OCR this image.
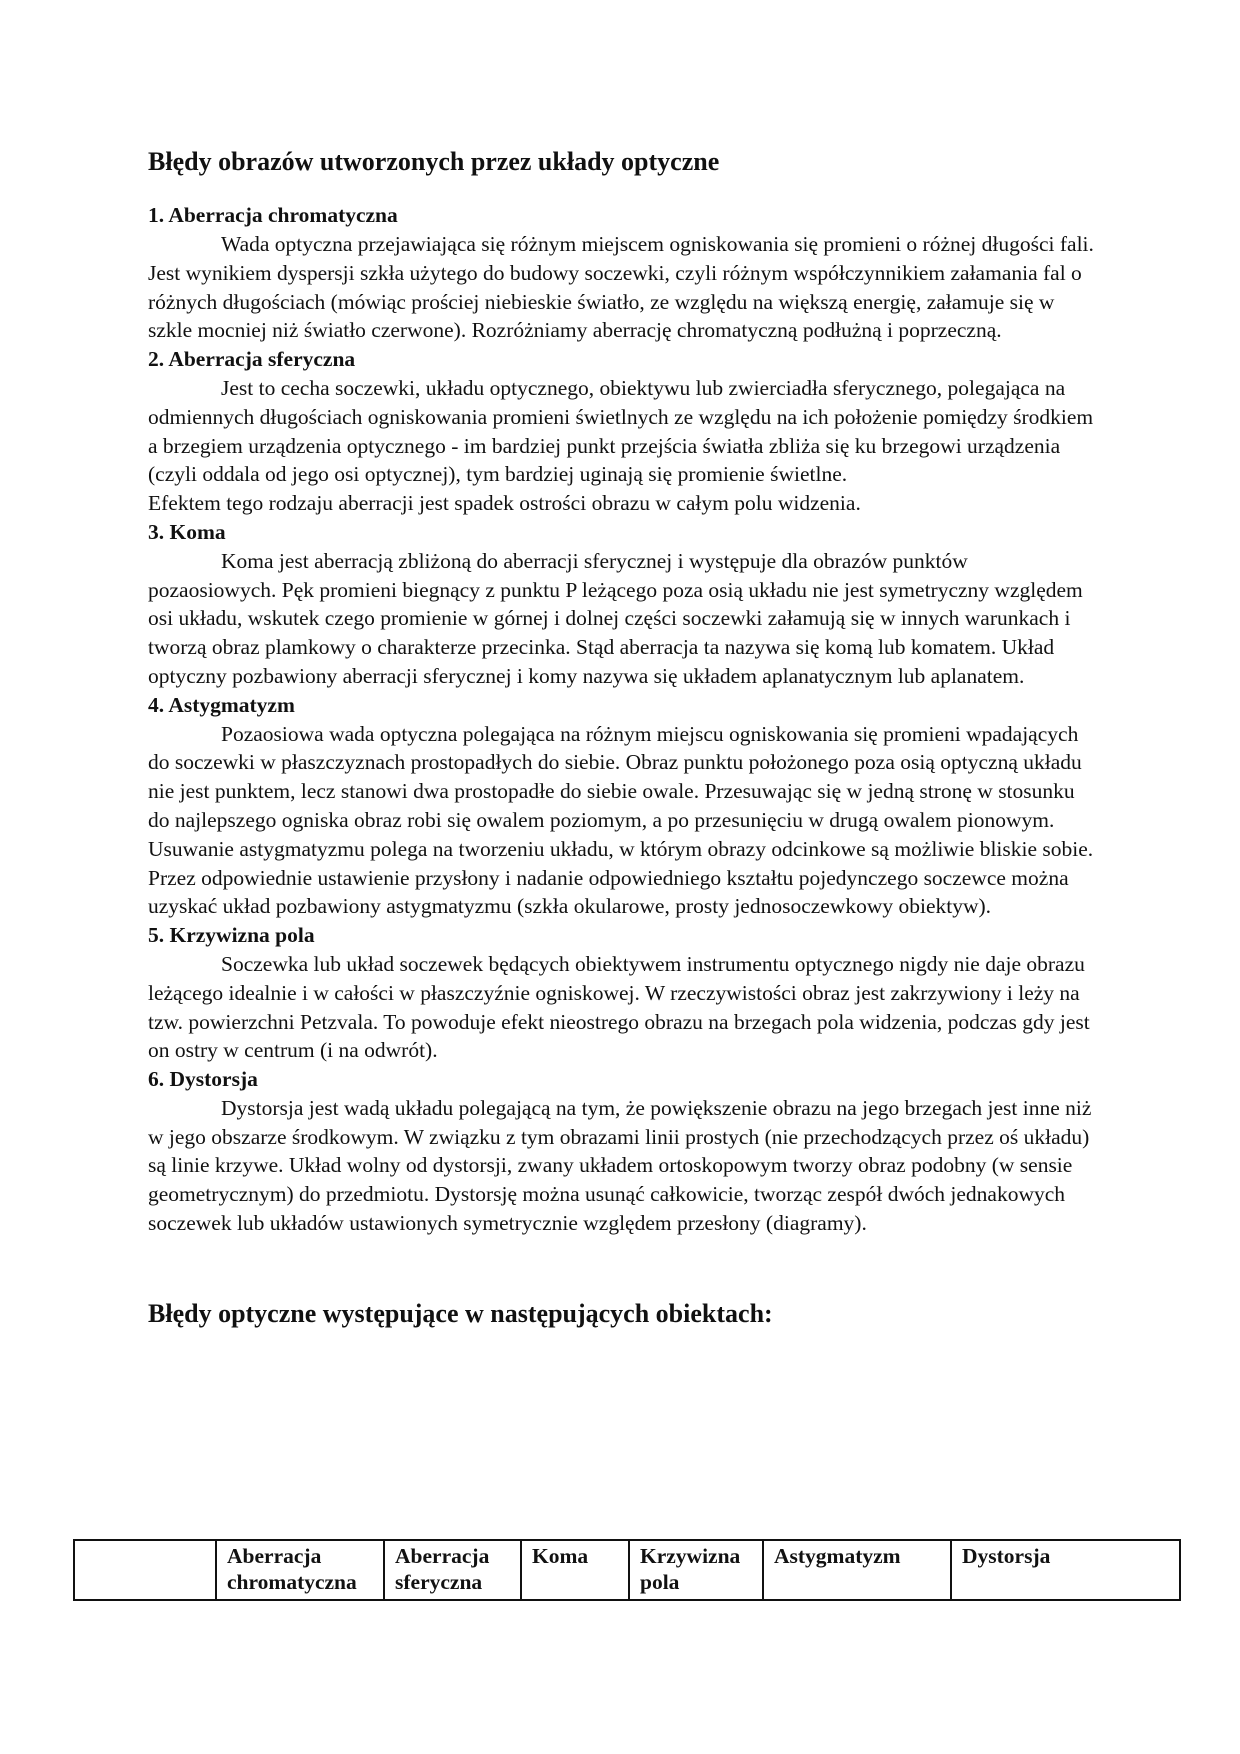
Błędy obrazów utworzonych przez układy optyczne

1. Aberracja chromatyczna

Wada optyczna przejawiająca się różnym miejscem ogniskowania się promieni o różnej długości fali. Jest wynikiem dyspersji szkła użytego do budowy soczewki, czyli różnym współczynnikiem załamania fal o różnych długościach (mówiąc prościej niebieskie światło, ze względu na większą energię, załamuje się w szkle mocniej niż światło czerwone). Rozróżniamy aberrację chromatyczną podłużną i poprzeczną.

2. Aberracja sferyczna

Jest to cecha soczewki, układu optycznego, obiektywu lub zwierciadła sferycznego, polegająca na odmiennych długościach ogniskowania promieni świetlnych ze względu na ich położenie pomiędzy środkiem a brzegiem urządzenia optycznego - im bardziej punkt przejścia światła zbliża się ku brzegowi urządzenia (czyli oddala od jego osi optycznej), tym bardziej uginają się promienie świetlne.

Efektem tego rodzaju aberracji jest spadek ostrości obrazu w całym polu widzenia.

3. Koma

Koma jest aberracją zbliżoną do aberracji sferycznej i występuje dla obrazów punktów pozaosiowych. Pęk promieni biegnący z punktu P leżącego poza osią układu nie jest symetryczny względem osi układu, wskutek czego promienie w górnej i dolnej części soczewki załamują się w innych warunkach i tworzą obraz plamkowy o charakterze przecinka. Stąd aberracja ta nazywa się komą lub komatem. Układ optyczny pozbawiony aberracji sferycznej i komy nazywa się układem aplanatycznym lub aplanatem.

4. Astygmatyzm

Pozaosiowa wada optyczna polegająca na różnym miejscu ogniskowania się promieni wpadających do soczewki w płaszczyznach prostopadłych do siebie. Obraz punktu położonego poza osią optyczną układu nie jest punktem, lecz stanowi dwa prostopadłe do siebie owale. Przesuwając się w jedną stronę w stosunku do najlepszego ogniska obraz robi się owalem poziomym, a po przesunięciu w drugą owalem pionowym. Usuwanie astygmatyzmu polega na tworzeniu układu, w którym obrazy odcinkowe są możliwie bliskie sobie. Przez odpowiednie ustawienie przysłony i nadanie odpowiedniego kształtu pojedynczego soczewce można uzyskać układ pozbawiony astygmatyzmu (szkła okularowe, prosty jednosoczewkowy obiektyw).

5. Krzywizna pola

Soczewka lub układ soczewek będących obiektywem instrumentu optycznego nigdy nie daje obrazu leżącego idealnie i w całości w płaszczyźnie ogniskowej. W rzeczywistości obraz jest zakrzywiony i leży na tzw. powierzchni Petzvala. To powoduje efekt nieostrego obrazu na brzegach pola widzenia, podczas gdy jest on ostry w centrum (i na odwrót).

6. Dystorsja

Dystorsja jest wadą układu polegającą na tym, że powiększenie obrazu na jego brzegach jest inne niż w jego obszarze środkowym. W związku z tym obrazami linii prostych (nie przechodzących przez oś układu) są linie krzywe. Układ wolny od dystorsji, zwany układem ortoskopowym tworzy obraz podobny (w sensie geometrycznym) do przedmiotu. Dystorsję można usunąć całkowicie, tworząc zespół dwóch jednakowych soczewek lub układów ustawionych symetrycznie względem przesłony (diagramy).

Błędy optyczne występujące w następujących obiektach:
	Aberracja chromatyczna	Aberracja sferyczna	Koma	Krzywizna pola	Astygmatyzm	Dystorsja
